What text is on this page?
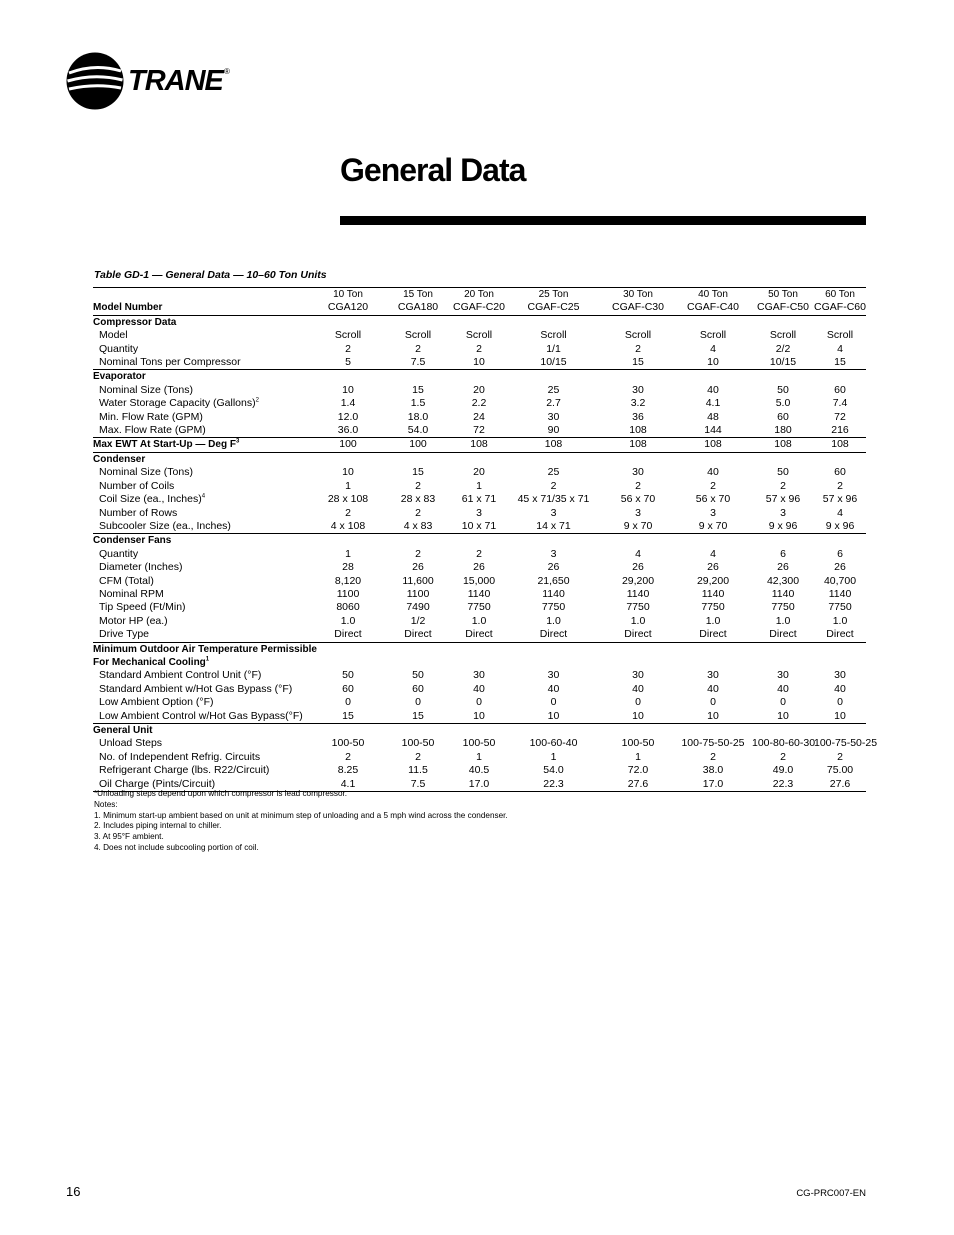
TRANE ®
General Data
Table GD-1 — General Data — 10–60 Ton Units
	10 Ton	15 Ton	20 Ton	25 Ton	30 Ton	40 Ton	50 Ton	60 Ton
Model Number	CGA120	CGA180	CGAF-C20	CGAF-C25	CGAF-C30	CGAF-C40	CGAF-C50	CGAF-C60
Compressor Data								
Model	Scroll	Scroll	Scroll	Scroll	Scroll	Scroll	Scroll	Scroll
Quantity	2	2	2	1/1	2	4	2/2	4
Nominal Tons per Compressor	5	7.5	10	10/15	15	10	10/15	15
Evaporator								
Nominal Size (Tons)	10	15	20	25	30	40	50	60
Water Storage Capacity (Gallons)$^2$	1.4	1.5	2.2	2.7	3.2	4.1	5.0	7.4
Min. Flow Rate (GPM)	12.0	18.0	24	30	36	48	60	72
Max. Flow Rate (GPM)	36.0	54.0	72	90	108	144	180	216
Max EWT At Start-Up — Deg $F^3$	100	100	108	108	108	108	108	108
Condenser								
Nominal Size (Tons)	10	15	20	25	30	40	50	60
Number of Coils	1	2	1	2	2	2	2	2
Coil Size (ea., Inches)$^4$	28 x 108	28 x 83	61 x 71	45 x 71/35 x 71	56 x 70	56 x 70	57 x 96	57 x 96
Number of Rows	2	2	3	3	3	3	3	4
Subcooler Size (ea., Inches)	4 x 108	4 x 83	10 x 71	14 x 71	9 x 70	9 x 70	9 x 96	9 x 96
Condenser Fans								
Quantity	1	2	2	3	4	4	6	6
Diameter (Inches)	28	26	26	26	26	26	26	26
CFM (Total)	8,120	11,600	15,000	21,650	29,200	29,200	42,300	40,700
Nominal RPM	1100	1100	1140	1140	1140	1140	1140	1140
Tip Speed (Ft/Min)	8060	7490	7750	7750	7750	7750	7750	7750
Motor HP (ea.)	1.0	1/2	1.0	1.0	1.0	1.0	1.0	1.0
Drive Type	Direct	Direct	Direct	Direct	Direct	Direct	Direct	Direct
Minimum Outdoor Air Temperature Permissible								
For Mechanical Cooling$^1$
Standard Ambient Control Unit (°F)	50	50	30	30	30	30	30	30
Standard Ambient w/Hot Gas Bypass (°F)	60	60	40	40	40	40	40	40
Low Ambient Option (°F)	0	0	0	0	0	0	0	0
Low Ambient Control w/Hot Gas Bypass(°F)	15	15	10	10	10	10	10	10
General Unit								
Unload Steps	100-50	100-50	100-50	100-60-40	100-50	100-75-50-25	100-80-60-30	100-75-50-25
No. of Independent Refrig. Circuits	2	2	1	1	1	2	2	2
Refrigerant Charge (lbs. R22/Circuit)	8.25	11.5	40.5	54.0	72.0	38.0	49.0	75.00
Oil Charge (Pints/Circuit)	4.1	7.5	17.0	22.3	27.6	17.0	22.3	27.6
*Unloading steps depend upon which compressor is lead compressor.
Notes:
1. Minimum start-up ambient based on unit at minimum step of unloading and a 5 mph wind across the condenser.
2. Includes piping internal to chiller.
3. At 95°F ambient.
4. Does not include subcooling portion of coil.
16	CG-PRC007-EN
